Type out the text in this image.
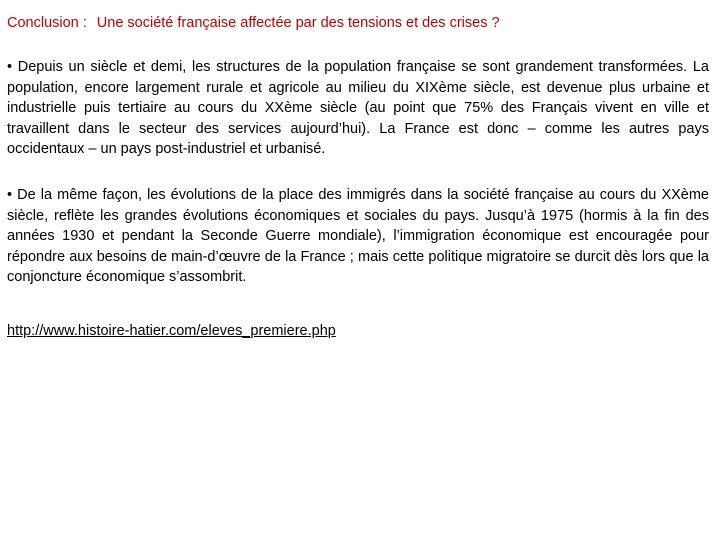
Conclusion : Une société française affectée par des tensions et des crises ?

• Depuis un siècle et demi, les structures de la population française se sont grandement transformées. La population, encore largement rurale et agricole au milieu du XIXème siècle, est devenue plus urbaine et industrielle puis tertiaire au cours du XXème siècle (au point que 75% des Français vivent en ville et travaillent dans le secteur des services aujourd’hui). La France est donc – comme les autres pays occidentaux – un pays post-industriel et urbanisé.

• De la même façon, les évolutions de la place des immigrés dans la société française au cours du XXème siècle, reflète les grandes évolutions économiques et sociales du pays. Jusqu’à 1975 (hormis à la fin des années 1930 et pendant la Seconde Guerre mondiale), l’immigration économique est encouragée pour répondre aux besoins de main-d’œuvre de la France ; mais cette politique migratoire se durcit dès lors que la conjoncture économique s’assombrit.

http://www.histoire-hatier.com/eleves_premiere.php
